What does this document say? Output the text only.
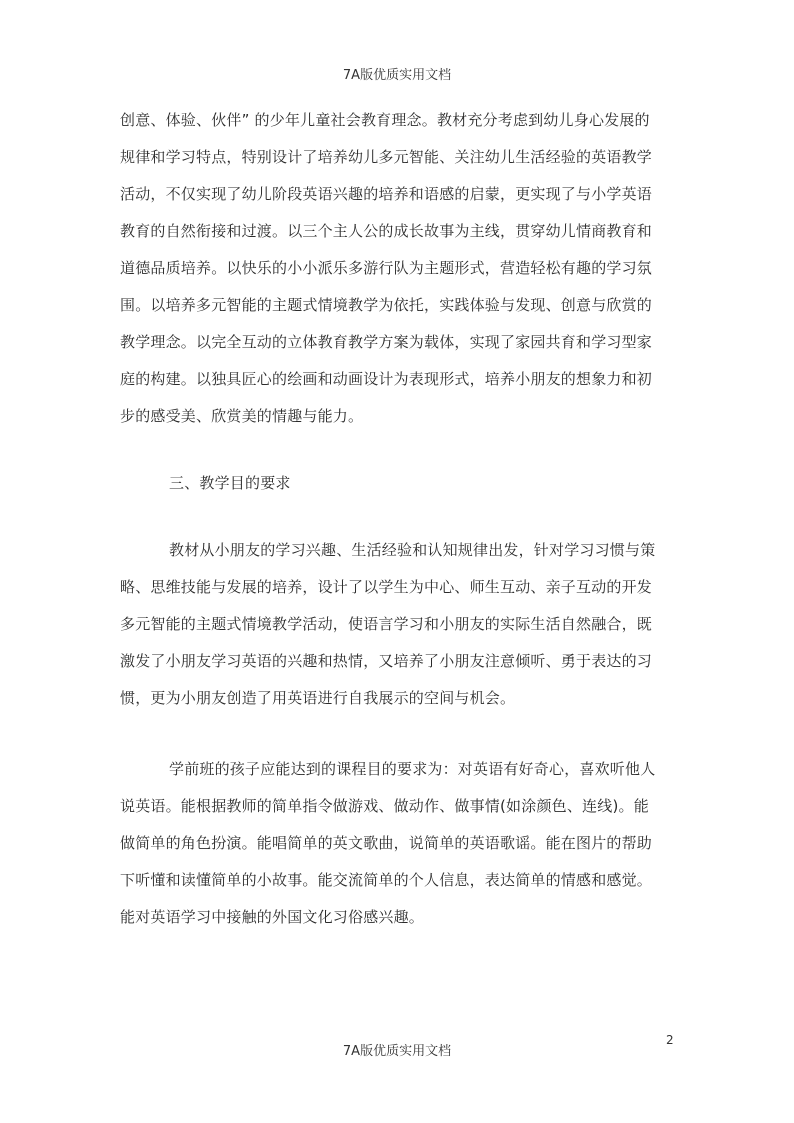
7A版优质实用文档
创意、体验、伙伴” 的少年儿童社会教育理念。教材充分考虑到幼儿身心发展的
规律和学习特点，特别设计了培养幼儿多元智能、关注幼儿生活经验的英语教学
活动，不仅实现了幼儿阶段英语兴趣的培养和语感的启蒙，更实现了与小学英语
教育的自然衔接和过渡。以三个主人公的成长故事为主线，贯穿幼儿情商教育和
道德品质培养。以快乐的小小派乐多游行队为主题形式，营造轻松有趣的学习氛
围。以培养多元智能的主题式情境教学为依托，实践体验与发现、创意与欣赏的
教学理念。以完全互动的立体教育教学方案为载体，实现了家园共育和学习型家
庭的构建。以独具匠心的绘画和动画设计为表现形式，培养小朋友的想象力和初
步的感受美、欣赏美的情趣与能力。
三、教学目的要求
教材从小朋友的学习兴趣、生活经验和认知规律出发，针对学习习惯与策
略、思维技能与发展的培养，设计了以学生为中心、师生互动、亲子互动的开发
多元智能的主题式情境教学活动，使语言学习和小朋友的实际生活自然融合，既
激发了小朋友学习英语的兴趣和热情，又培养了小朋友注意倾听、勇于表达的习
惯，更为小朋友创造了用英语进行自我展示的空间与机会。
学前班的孩子应能达到的课程目的要求为：对英语有好奇心，喜欢听他人
说英语。能根据教师的简单指令做游戏、做动作、做事情(如涂颜色、连线)。能
做简单的角色扮演。能唱简单的英文歌曲，说简单的英语歌谣。能在图片的帮助
下听懂和读懂简单的小故事。能交流简单的个人信息，表达简单的情感和感觉。
能对英语学习中接触的外国文化习俗感兴趣。
2
7A版优质实用文档
